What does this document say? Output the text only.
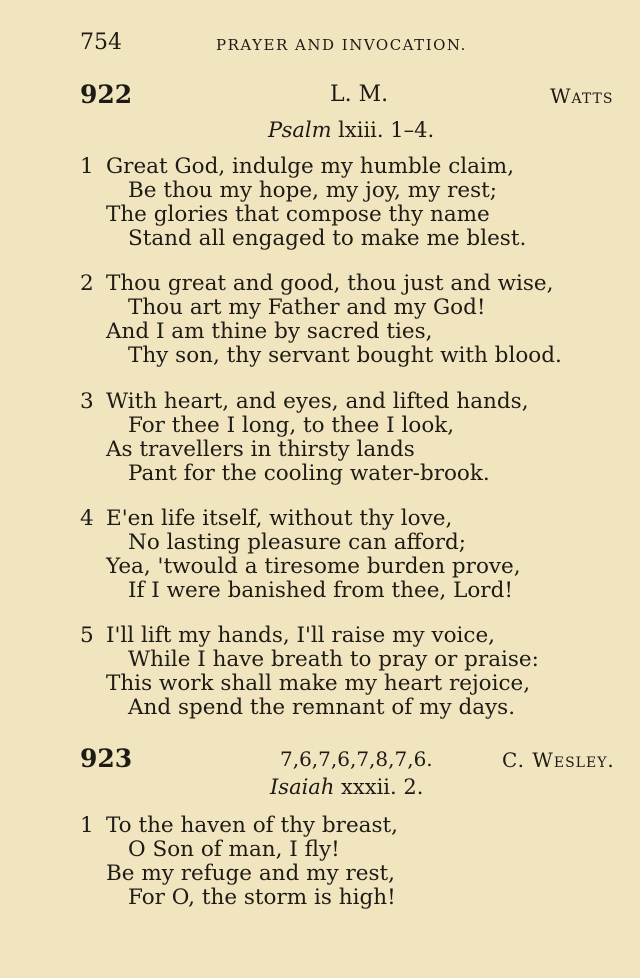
754	PRAYER AND INVOCATION.
922	L. M.	Watts
Psalm lxiii. 1–4.
1 Great God, indulge my humble claim,
Be thou my hope, my joy, my rest;
The glories that compose thy name
Stand all engaged to make me blest.
2 Thou great and good, thou just and wise,
Thou art my Father and my God!
And I am thine by sacred ties,
Thy son, thy servant bought with blood.
3 With heart, and eyes, and lifted hands,
For thee I long, to thee I look,
As travellers in thirsty lands
Pant for the cooling water-brook.
4 E'en life itself, without thy love,
No lasting pleasure can afford;
Yea, 'twould a tiresome burden prove,
If I were banished from thee, Lord!
5 I'll lift my hands, I'll raise my voice,
While I have breath to pray or praise:
This work shall make my heart rejoice,
And spend the remnant of my days.
923	7,6,7,6,7,8,7,6.	C. Wesley.
Isaiah xxxii. 2.
1 To the haven of thy breast,
O Son of man, I fly!
Be my refuge and my rest,
For O, the storm is high!
